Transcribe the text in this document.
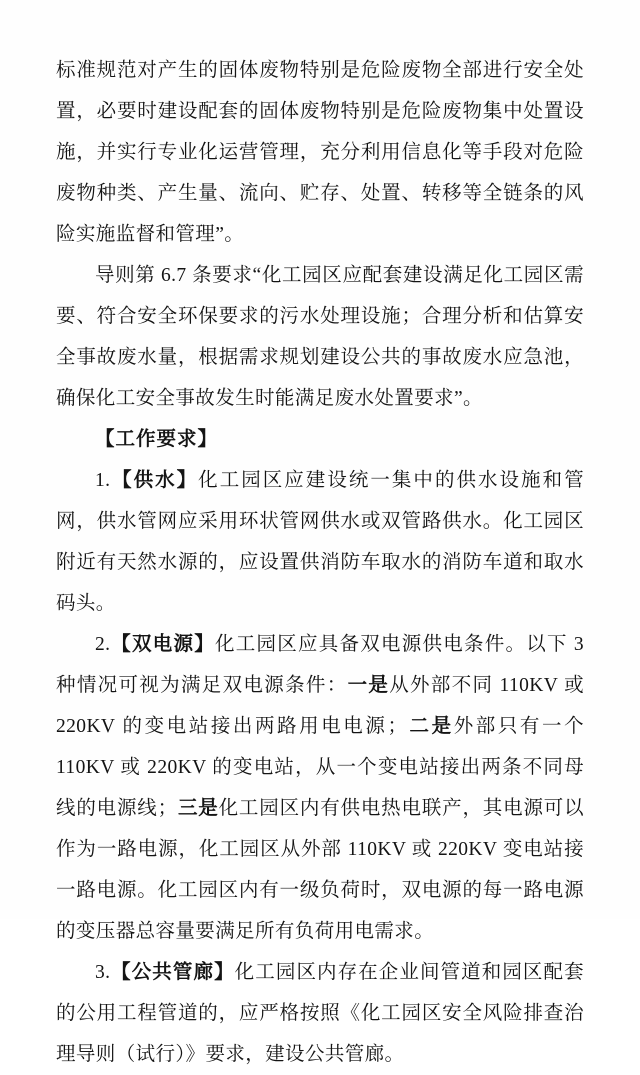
标准规范对产生的固体废物特别是危险废物全部进行安全处置，必要时建设配套的固体废物特别是危险废物集中处置设施，并实行专业化运营管理，充分利用信息化等手段对危险废物种类、产生量、流向、贮存、处置、转移等全链条的风险实施监督和管理”。

导则第 6.7 条要求“化工园区应配套建设满足化工园区需要、符合安全环保要求的污水处理设施；合理分析和估算安全事故废水量，根据需求规划建设公共的事故废水应急池，确保化工安全事故发生时能满足废水处置要求”。

【工作要求】

1.【供水】化工园区应建设统一集中的供水设施和管网，供水管网应采用环状管网供水或双管路供水。化工园区附近有天然水源的，应设置供消防车取水的消防车道和取水码头。

2.【双电源】化工园区应具备双电源供电条件。以下 3 种情况可视为满足双电源条件：一是从外部不同 110KV 或 220KV 的变电站接出两路用电电源；二是外部只有一个 110KV 或 220KV 的变电站，从一个变电站接出两条不同母线的电源线；三是化工园区内有供电热电联产，其电源可以作为一路电源，化工园区从外部 110KV 或 220KV 变电站接一路电源。化工园区内有一级负荷时，双电源的每一路电源的变压器总容量要满足所有负荷用电需求。

3.【公共管廊】化工园区内存在企业间管道和园区配套的公用工程管道的，应严格按照《化工园区安全风险排查治理导则（试行）》要求，建设公共管廊。
